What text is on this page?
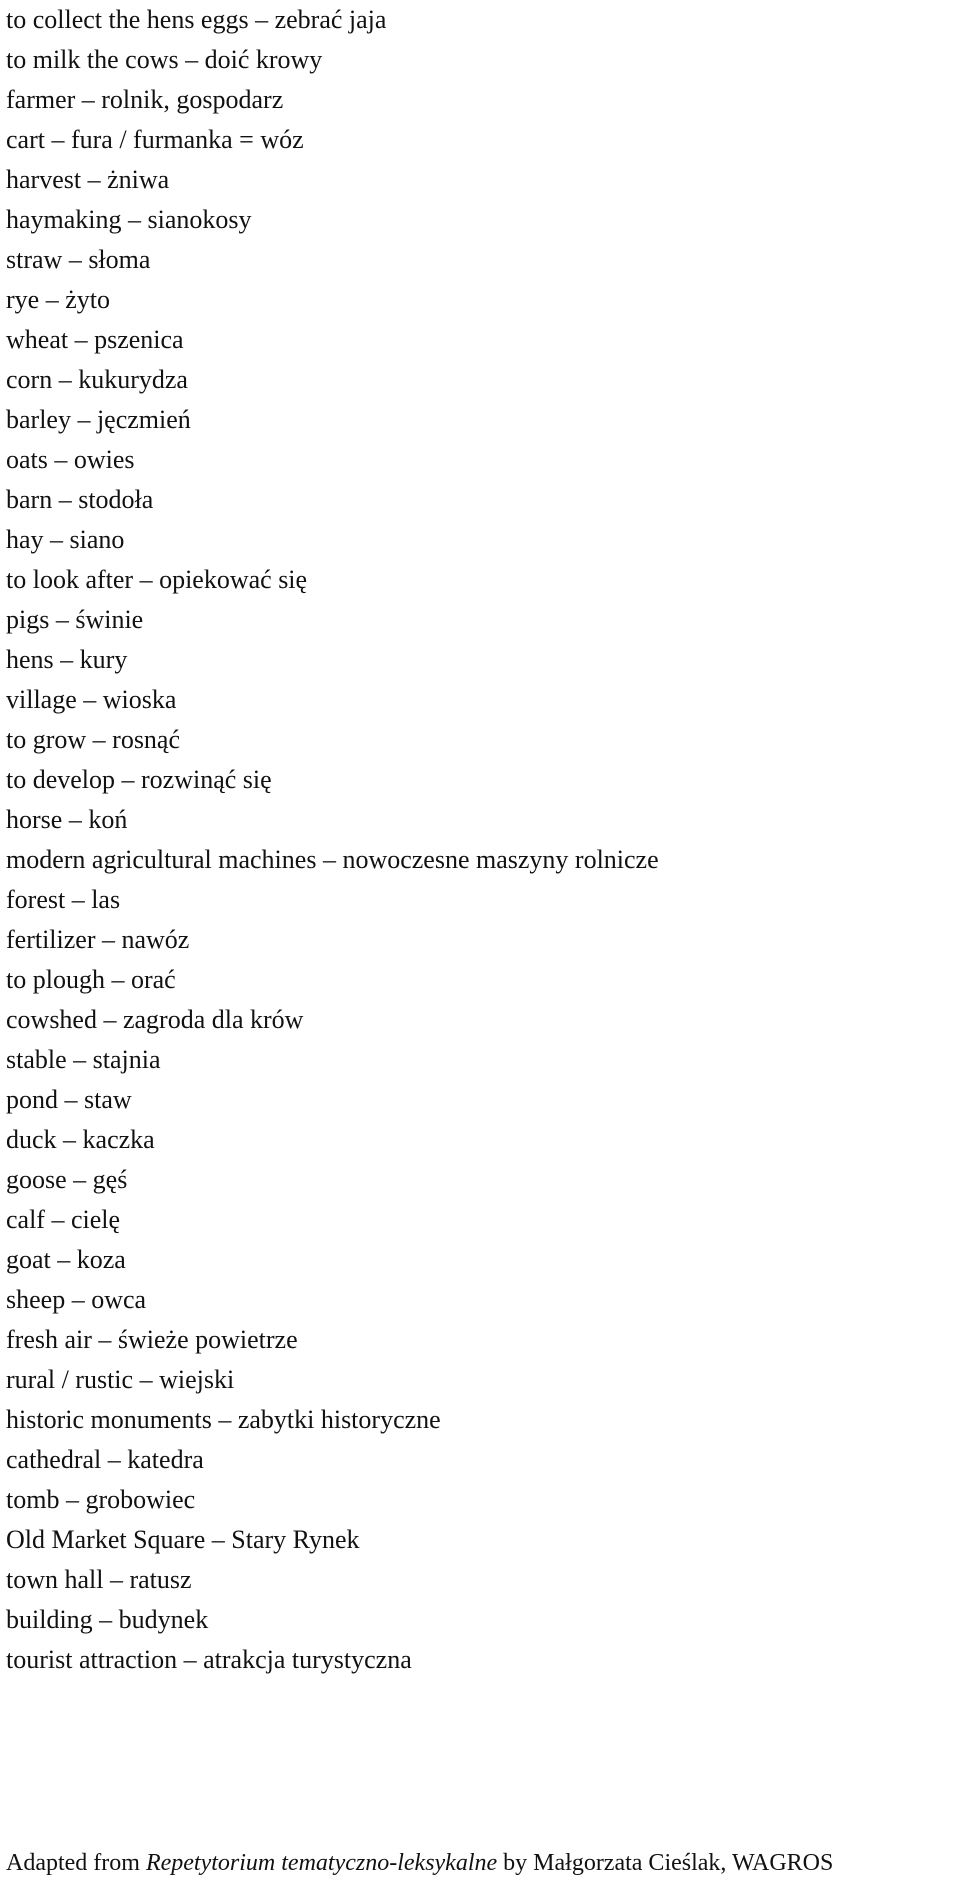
to collect the hens eggs – zebrać jaja
to milk the cows – doić krowy
farmer – rolnik, gospodarz
cart – fura / furmanka = wóz
harvest – żniwa
haymaking – sianokosy
straw – słoma
rye – żyto
wheat – pszenica
corn – kukurydza
barley – jęczmień
oats – owies
barn – stodoła
hay – siano
to look after – opiekować się
pigs – świnie
hens – kury
village – wioska
to grow – rosnąć
to develop – rozwinąć się
horse – koń
modern agricultural machines – nowoczesne maszyny rolnicze
forest – las
fertilizer – nawóz
to plough – orać
cowshed – zagroda dla krów
stable – stajnia
pond – staw
duck – kaczka
goose – gęś
calf – cielę
goat – koza
sheep – owca
fresh air – świeże powietrze
rural / rustic – wiejski
historic monuments – zabytki historyczne
cathedral – katedra
tomb – grobowiec
Old Market Square – Stary Rynek
town hall – ratusz
building – budynek
tourist attraction – atrakcja turystyczna
Adapted from Repetytorium tematyczno-leksykalne by Małgorzata Cieślak, WAGROS
